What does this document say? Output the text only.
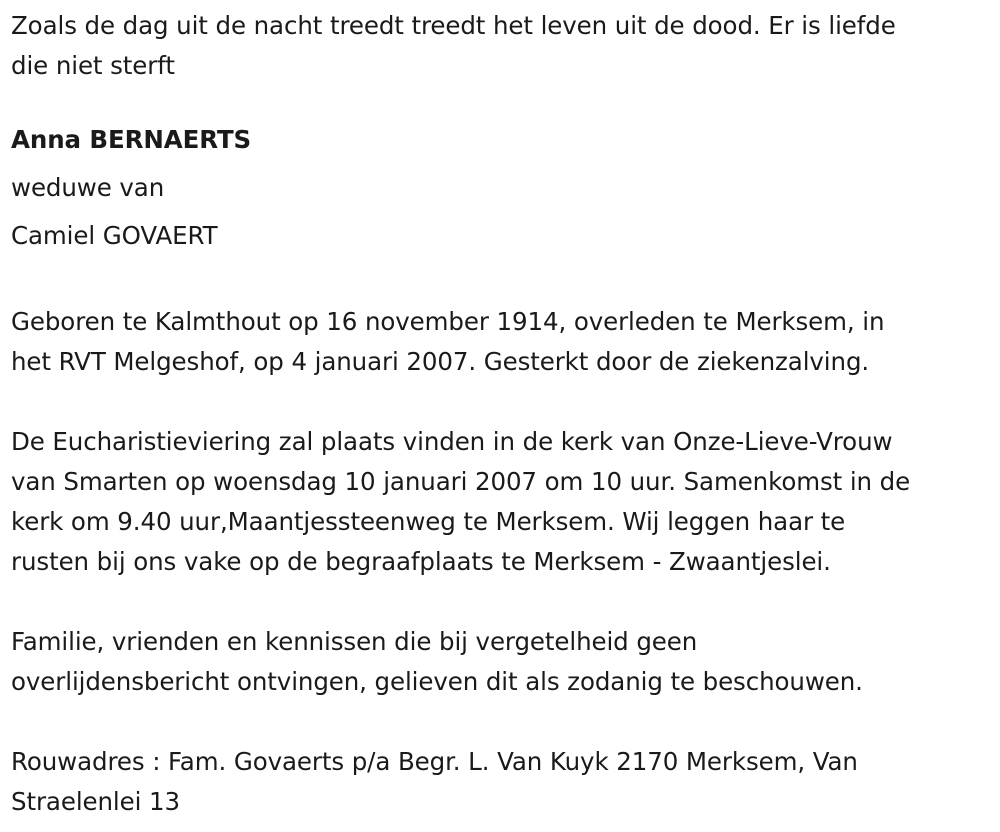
Zoals de dag uit de nacht treedt treedt het leven uit de dood. Er is liefde
die niet sterft

Anna BERNAERTS

weduwe van

Camiel GOVAERT

Geboren te Kalmthout op 16 november 1914, overleden te Merksem, in
het RVT Melgeshof, op 4 januari 2007. Gesterkt door de ziekenzalving.

De Eucharistieviering zal plaats vinden in de kerk van Onze-Lieve-Vrouw
van Smarten op woensdag 10 januari 2007 om 10 uur. Samenkomst in de
kerk om 9.40 uur,Maantjessteenweg te Merksem. Wij leggen haar te
rusten bij ons vake op de begraafplaats te Merksem - Zwaantjeslei.

Familie, vrienden en kennissen die bij vergetelheid geen
overlijdensbericht ontvingen, gelieven dit als zodanig te beschouwen.

Rouwadres : Fam. Govaerts p/a Begr. L. Van Kuyk 2170 Merksem, Van
Straelenlei 13
